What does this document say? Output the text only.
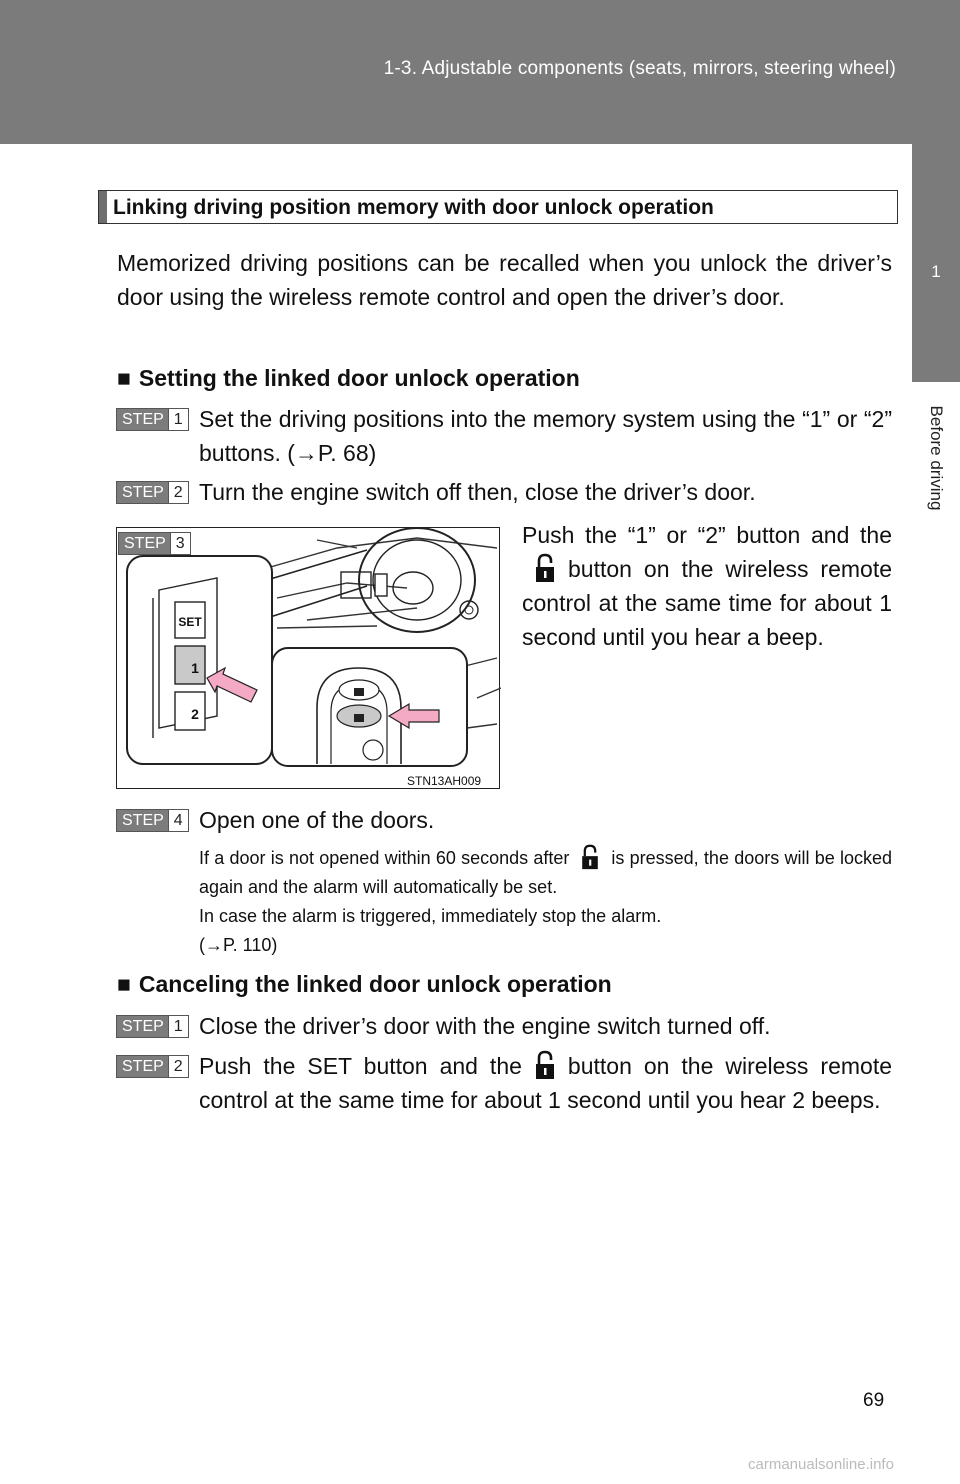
1-3. Adjustable components (seats, mirrors, steering wheel)
1
Before driving
Linking driving position memory with door unlock operation
Memorized driving positions can be recalled when you unlock the driver’s door using the wireless remote control and open the driver’s door.
■ Setting the linked door unlock operation
STEP 1 Set the driving positions into the memory system using the “1” or “2” buttons. (→P. 68)
STEP 2 Turn the engine switch off then, close the driver’s door.
SET
1
2
STEP 3
STN13AH009
Push the “1” or “2” button and thebutton on the wireless remote control at the same time for about 1 second until you hear a beep.
STEP 4 Open one of the doors.
If a door is not opened within 60 seconds after is pressed, the doors will be locked again and the alarm will automatically be set.
In case the alarm is triggered, immediately stop the alarm.
(→P. 110)
■ Canceling the linked door unlock operation
STEP 1 Close the driver’s door with the engine switch turned off.
STEP 2 Push the SET button and the button on the wireless remote control at the same time for about 1 second until you hear 2 beeps.
69
carmanualsonline.info
